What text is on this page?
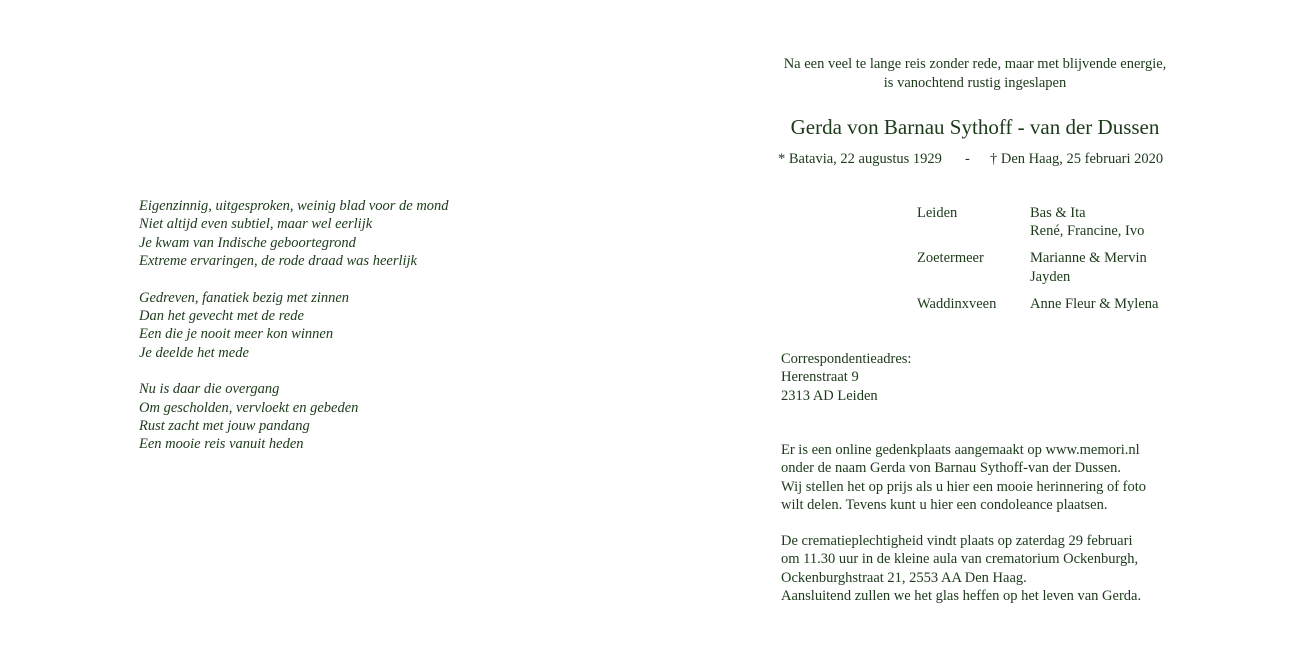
Eigenzinnig, uitgesproken, weinig blad voor de mond
Niet altijd even subtiel, maar wel eerlijk
Je kwam van Indische geboortegrond
Extreme ervaringen, de rode draad was heerlijk
Gedreven, fanatiek bezig met zinnen
Dan het gevecht met de rede
Een die je nooit meer kon winnen
Je deelde het mede
Nu is daar die overgang
Om gescholden, vervloekt en gebeden
Rust zacht met jouw pandang
Een mooie reis vanuit heden
Na een veel te lange reis zonder rede, maar met blijvende energie,
is vanochtend rustig ingeslapen
Gerda von Barnau Sythoff - van der Dussen
* Batavia, 22 augustus 1929 - † Den Haag, 25 februari 2020
Leiden	Bas & Ita
René, Francine, Ivo
Zoetermeer	Marianne & Mervin
Jayden
Waddinxveen Anne Fleur & Mylena
Correspondentieadres:
Herenstraat 9
2313 AD Leiden
Er is een online gedenkplaats aangemaakt op www.memori.nl
onder de naam Gerda von Barnau Sythoff-van der Dussen.
Wij stellen het op prijs als u hier een mooie herinnering of foto
wilt delen. Tevens kunt u hier een condoleance plaatsen.
De crematieplechtigheid vindt plaats op zaterdag 29 februari
om 11.30 uur in de kleine aula van crematorium Ockenburgh,
Ockenburghstraat 21, 2553 AA Den Haag.
Aansluitend zullen we het glas heffen op het leven van Gerda.
